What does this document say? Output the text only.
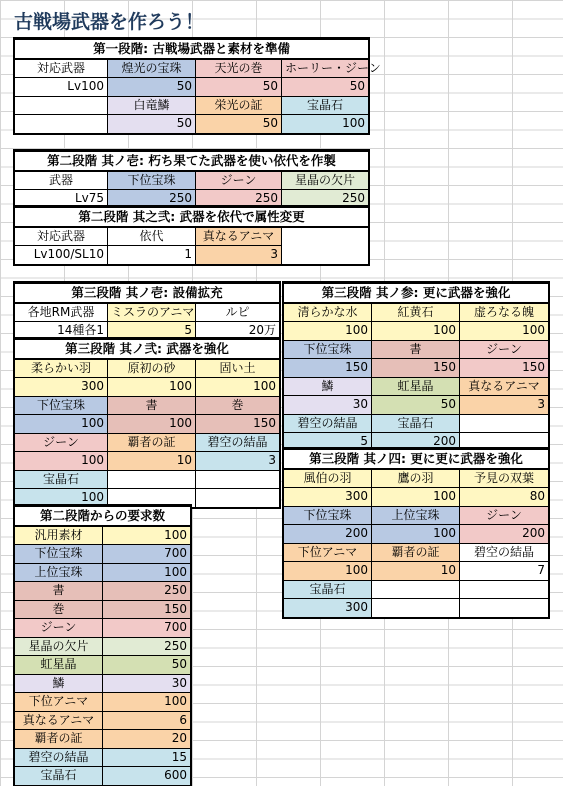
古戦場武器を作ろう！
第一段階: 古戦場武器と素材を準備			
対応武器	煌光の宝珠	天光の巻	ホーリー・ジーン
Lv100	50	50	50
	白竜鱗	栄光の証	宝晶石
	50	50	100
第二段階 其ノ壱: 朽ち果てた武器を使い依代を作製			
武器	下位宝珠	ジーン	星晶の欠片
Lv75	250	250	250
第二段階 其之弐: 武器を依代で属性変更			
対応武器	依代	真なるアニマ	
Lv100/SL10	1	3	
第三段階 其ノ壱: 設備拡充		
各地RM武器	ミスラのアニマ	ルピ
14種各1	5	20万
第三段階 其ノ弐: 武器を強化		
柔らかい羽	原初の砂	固い土
300	100	100
下位宝珠	書	巻
100	100	150
ジーン	覇者の証	碧空の結晶
100	10	3
宝晶石		
100		
第三段階 其ノ参: 更に武器を強化		
清らかな水	紅黄石	虚ろなる魄
100	100	100
下位宝珠	書	ジーン
150	150	150
鱗	虹星晶	真なるアニマ
30	50	3
碧空の結晶	宝晶石	
5	200	
第三段階 其ノ四: 更に更に武器を強化		
風伯の羽	鷹の羽	予見の双葉
300	100	80
下位宝珠	上位宝珠	ジーン
200	100	200
下位アニマ	覇者の証	碧空の結晶
100	10	7
宝晶石		
300		
第二段階からの要求数	
汎用素材	100
下位宝珠	700
上位宝珠	100
書	250
巻	150
ジーン	700
星晶の欠片	250
虹星晶	50
鱗	30
下位アニマ	100
真なるアニマ	6
覇者の証	20
碧空の結晶	15
宝晶石	600
